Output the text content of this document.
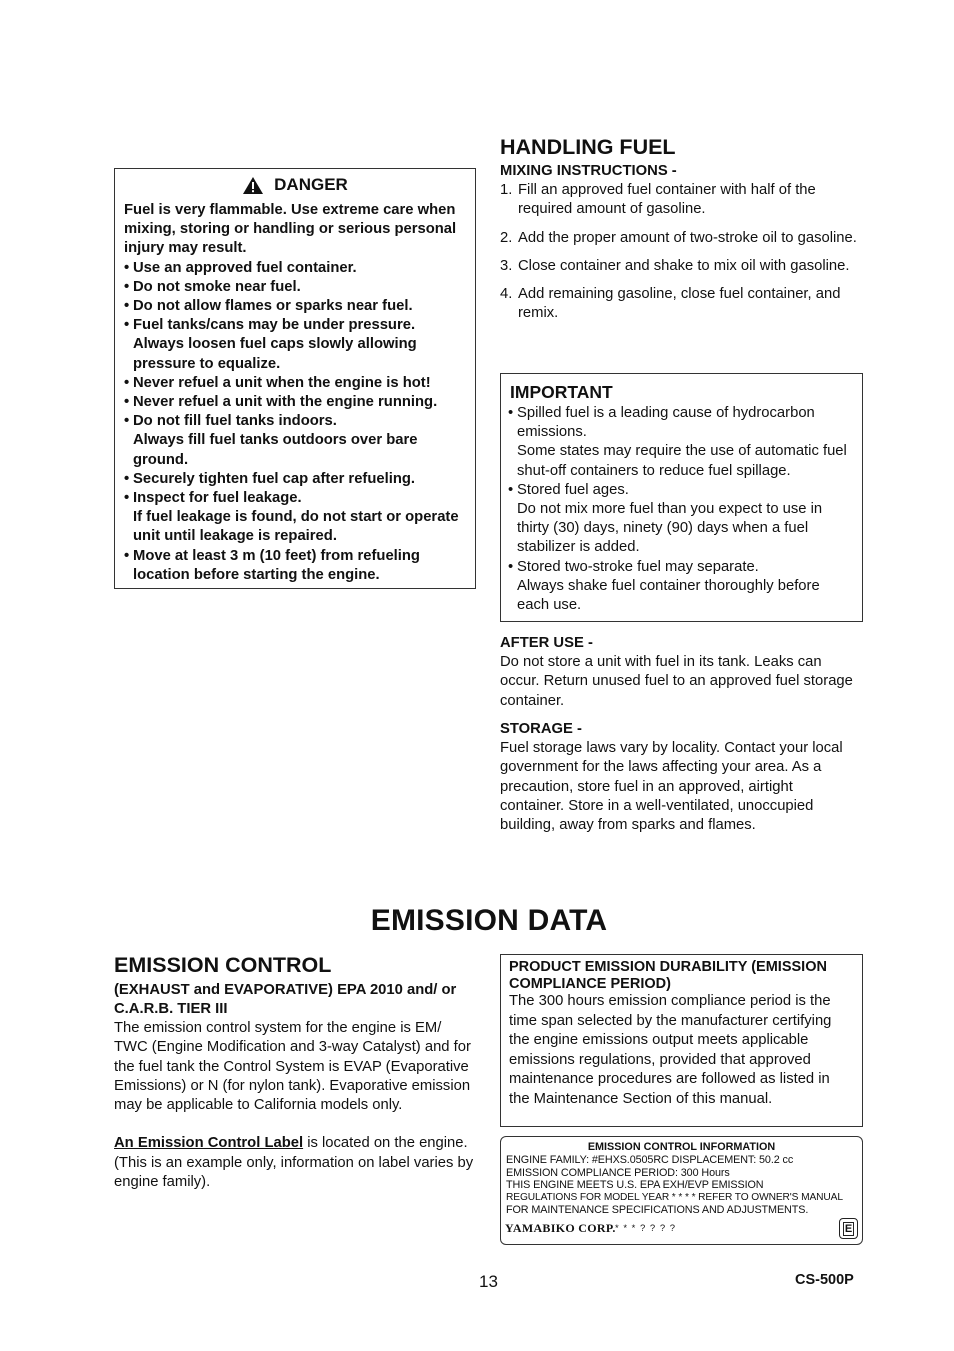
DANGER

Fuel is very flammable. Use extreme care when mixing, storing or handling or serious personal injury may result.

• Use an approved fuel container.
• Do not smoke near fuel.
• Do not allow flames or sparks near fuel.
• Fuel tanks/cans may be under pressure. Always loosen fuel caps slowly allowing pressure to equalize.
• Never refuel a unit when the engine is hot!
• Never refuel a unit with the engine running.
• Do not fill fuel tanks indoors.
Always fill fuel tanks outdoors over bare ground.
• Securely tighten fuel cap after refueling.
• Inspect for fuel leakage.
If fuel leakage is found, do not start or operate unit until leakage is repaired.
• Move at least 3 m (10 feet) from refueling location before starting the engine.
HANDLING FUEL
MIXING INSTRUCTIONS -
1. Fill an approved fuel container with half of the required amount of gasoline.
2. Add the proper amount of two-stroke oil to gasoline.
3. Close container and shake to mix oil with gasoline.
4. Add remaining gasoline, close fuel container, and remix.
IMPORTANT
• Spilled fuel is a leading cause of hydrocarbon emissions.
Some states may require the use of automatic fuel shut-off containers to reduce fuel spillage.
• Stored fuel ages.
Do not mix more fuel than you expect to use in thirty (30) days, ninety (90) days when a fuel stabilizer is added.
• Stored two-stroke fuel may separate.
Always shake fuel container thoroughly before each use.
AFTER USE -
Do not store a unit with fuel in its tank. Leaks can occur. Return unused fuel to an approved fuel storage container.
STORAGE -
Fuel storage laws vary by locality. Contact your local government for the laws affecting your area. As a precaution, store fuel in an approved, airtight container. Store in a well-ventilated, unoccupied building, away from sparks and flames.
EMISSION DATA
EMISSION CONTROL
(EXHAUST and EVAPORATIVE) EPA 2010 and/ or C.A.R.B. TIER III
The emission control system for the engine is EM/ TWC (Engine Modification and 3-way Catalyst) and for the fuel tank the Control System is EVAP (Evaporative Emissions) or N (for nylon tank). Evaporative emission may be applicable to California models only.
An Emission Control Label is located on the engine. (This is an example only, information on label varies by engine family).
PRODUCT EMISSION DURABILITY (EMISSION COMPLIANCE PERIOD)
The 300 hours emission compliance period is the time span selected by the manufacturer certifying the engine emissions output meets applicable emissions regulations, provided that approved maintenance procedures are followed as listed in the Maintenance Section of this manual.
EMISSION CONTROL INFORMATION
ENGINE FAMILY: #EHXS.0505RC DISPLACEMENT: 50.2 cc
EMISSION COMPLIANCE PERIOD: 300 Hours
THIS ENGINE MEETS U.S. EPA EXH/EVP EMISSION
REGULATIONS FOR MODEL YEAR * * * * REFER TO OWNER'S MANUAL
FOR MAINTENANCE SPECIFICATIONS AND ADJUSTMENTS.
YAMABIKO CORP. * * * ? ? ? ?	E
13	CS-500P
